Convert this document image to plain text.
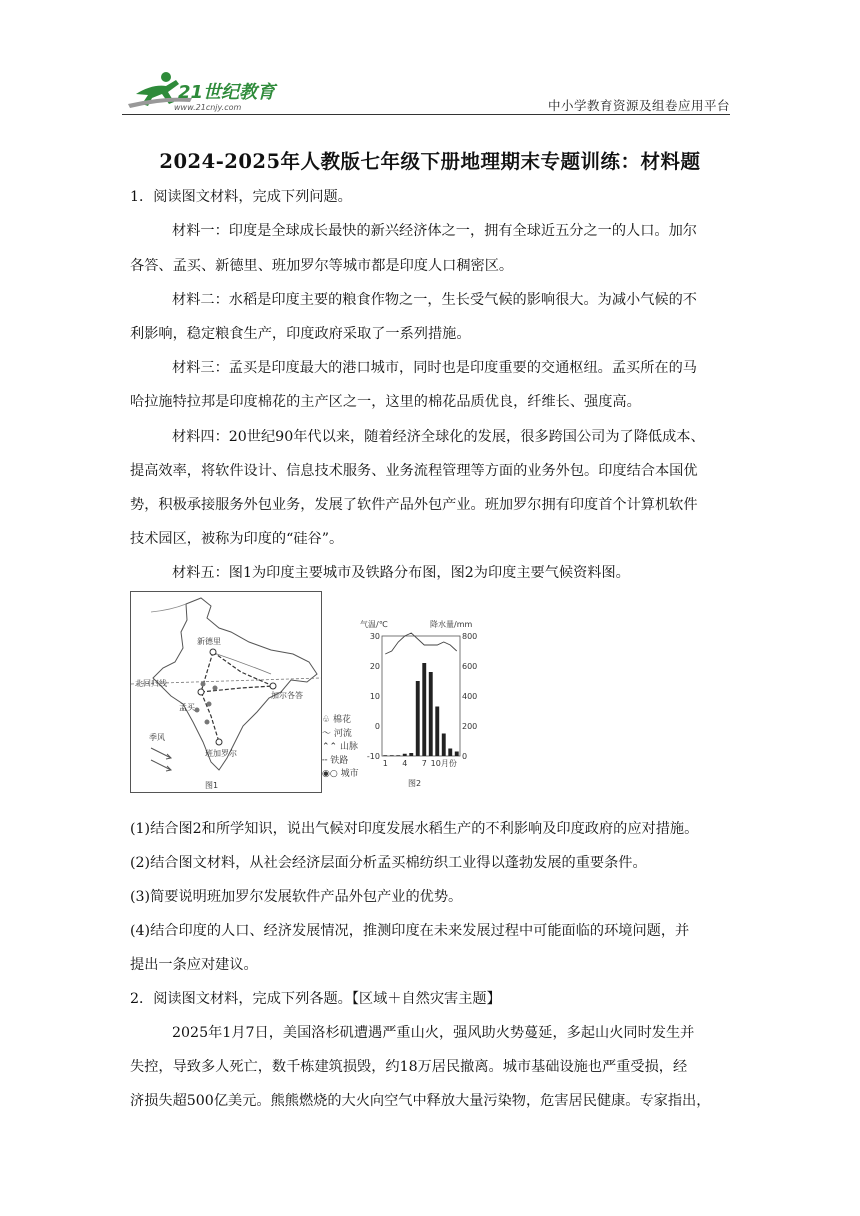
21世纪教育
www.21cnjy.com	中小学教育资源及组卷应用平台
2024-2025年人教版七年级下册地理期末专题训练：材料题
1．阅读图文材料，完成下列问题。
材料一：印度是全球成长最快的新兴经济体之一，拥有全球近五分之一的人口。加尔
各答、孟买、新德里、班加罗尔等城市都是印度人口稠密区。
材料二：水稻是印度主要的粮食作物之一，生长受气候的影响很大。为减小气候的不
利影响，稳定粮食生产，印度政府采取了一系列措施。
材料三：孟买是印度最大的港口城市，同时也是印度重要的交通枢纽。孟买所在的马
哈拉施特拉邦是印度棉花的主产区之一，这里的棉花品质优良，纤维长、强度高。
材料四：20世纪90年代以来，随着经济全球化的发展，很多跨国公司为了降低成本、
提高效率，将软件设计、信息技术服务、业务流程管理等方面的业务外包。印度结合本国优
势，积极承接服务外包业务，发展了软件产品外包产业。班加罗尔拥有印度首个计算机软件
技术园区，被称为印度的“硅谷”。
材料五：图1为印度主要城市及铁路分布图，图2为印度主要气候资料图。
新德里
加尔各答
孟买
班加罗尔
北回归线
季风
图1
气温/℃	降水量/mm
30
20
10
0
-10
800
600
400
200
0
1 4 7 10月份
图2
♧ 棉花
〜 河流
⌃⌃ 山脉
╌ 铁路
◉○ 城市
(1)结合图2和所学知识，说出气候对印度发展水稻生产的不利影响及印度政府的应对措施。
(2)结合图文材料，从社会经济层面分析孟买棉纺织工业得以蓬勃发展的重要条件。
(3)简要说明班加罗尔发展软件产品外包产业的优势。
(4)结合印度的人口、经济发展情况，推测印度在未来发展过程中可能面临的环境问题，并
提出一条应对建议。
2．阅读图文材料，完成下列各题。【区域＋自然灾害主题】
2025年1月7日，美国洛杉矶遭遇严重山火，强风助火势蔓延，多起山火同时发生并
失控，导致多人死亡，数千栋建筑损毁，约18万居民撤离。城市基础设施也严重受损，经
济损失超500亿美元。熊熊燃烧的大火向空气中释放大量污染物，危害居民健康。专家指出，
